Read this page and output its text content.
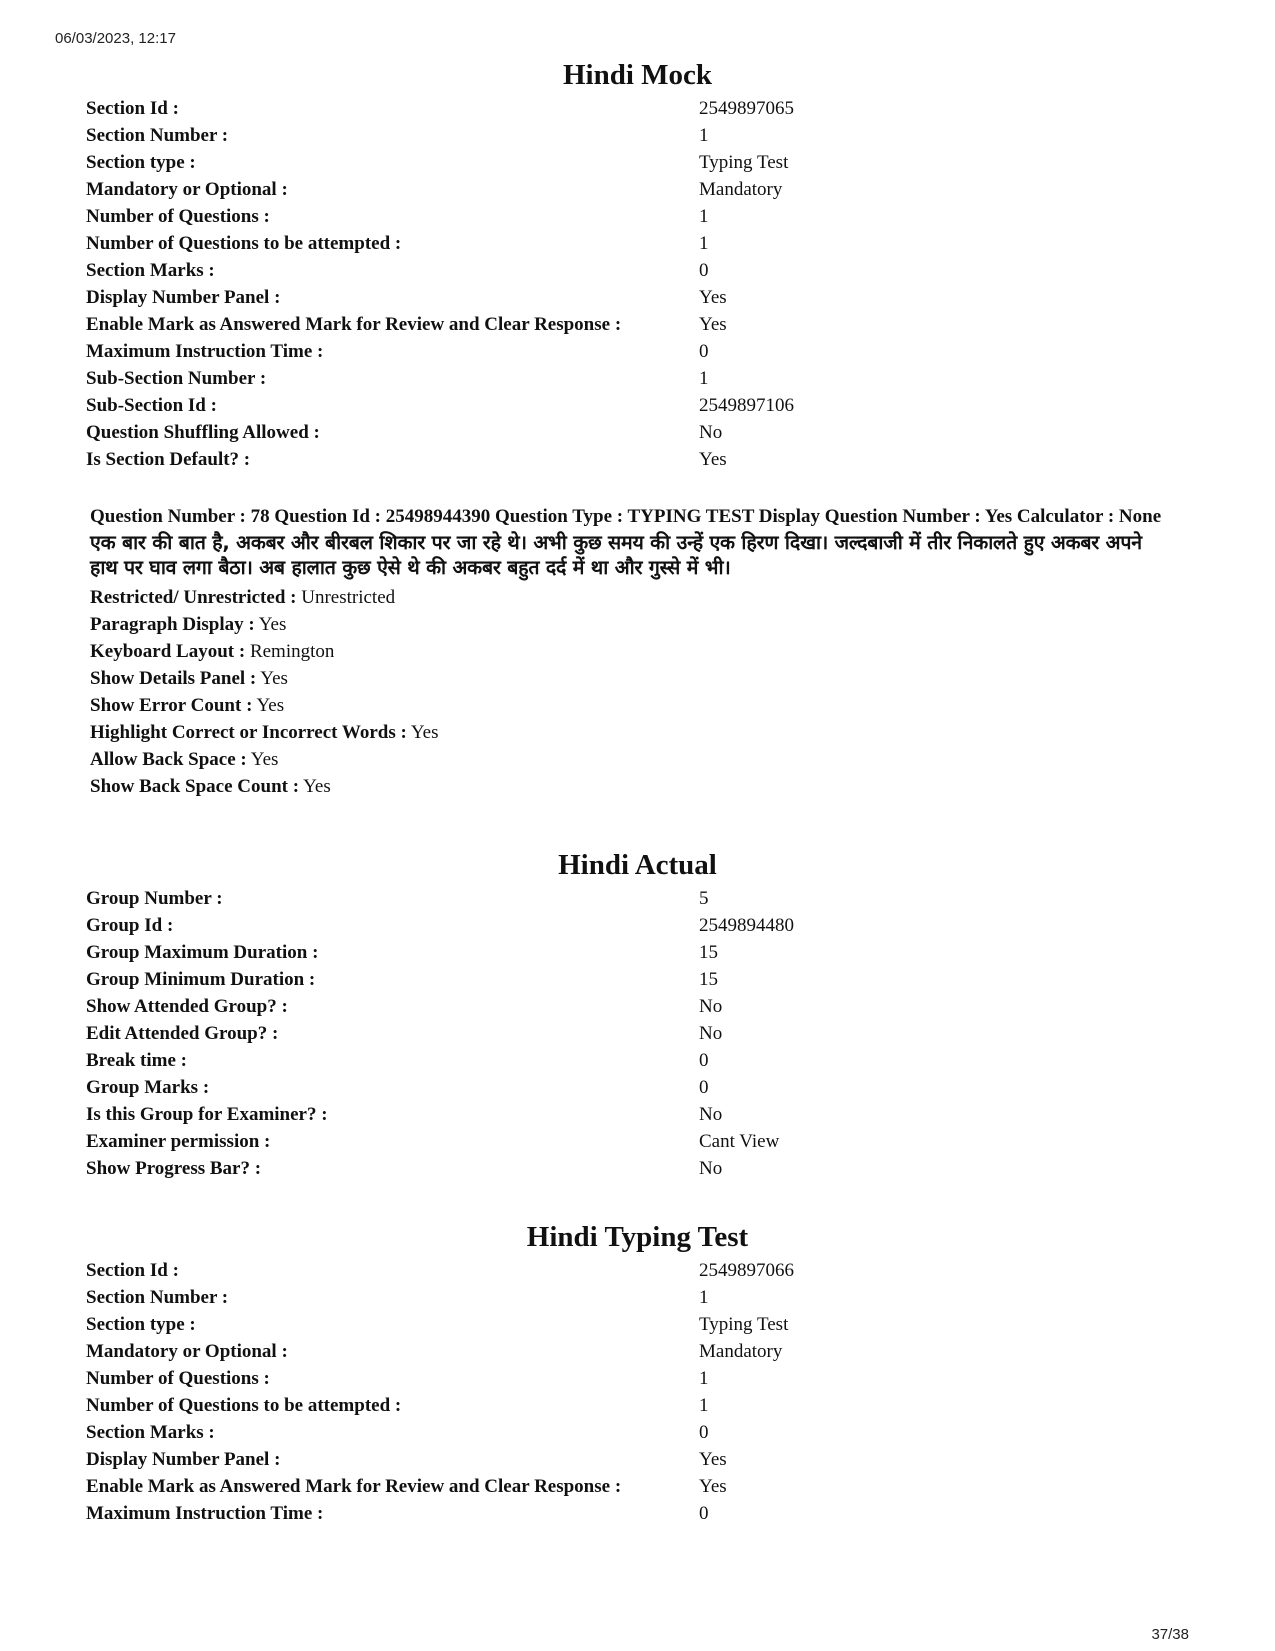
06/03/2023, 12:17
Hindi Mock
Section Id :	2549897065
Section Number :	1
Section type :	Typing Test
Mandatory or Optional :	Mandatory
Number of Questions :	1
Number of Questions to be attempted :	1
Section Marks :	0
Display Number Panel :	Yes
Enable Mark as Answered Mark for Review and Clear Response :	Yes
Maximum Instruction Time :	0
Sub-Section Number :	1
Sub-Section Id :	2549897106
Question Shuffling Allowed :	No
Is Section Default? :	Yes
Question Number : 78 Question Id : 25498944390 Question Type : TYPING TEST Display Question Number : Yes Calculator : None
एक बार की बात है, अकबर और बीरबल शिकार पर जा रहे थे। अभी कुछ समय की उन्हें एक हिरण दिखा। जल्दबाजी में तीर निकालते हुए अकबर अपने हाथ पर घाव लगा बैठा। अब हालात कुछ ऐसे थे की अकबर बहुत दर्द में था और गुस्से में भी।
Restricted/ Unrestricted : Unrestricted
Paragraph Display : Yes
Keyboard Layout : Remington
Show Details Panel : Yes
Show Error Count : Yes
Highlight Correct or Incorrect Words : Yes
Allow Back Space : Yes
Show Back Space Count : Yes
Hindi Actual
Group Number :	5
Group Id :	2549894480
Group Maximum Duration :	15
Group Minimum Duration :	15
Show Attended Group? :	No
Edit Attended Group? :	No
Break time :	0
Group Marks :	0
Is this Group for Examiner? :	No
Examiner permission :	Cant View
Show Progress Bar? :	No
Hindi Typing Test
Section Id :	2549897066
Section Number :	1
Section type :	Typing Test
Mandatory or Optional :	Mandatory
Number of Questions :	1
Number of Questions to be attempted :	1
Section Marks :	0
Display Number Panel :	Yes
Enable Mark as Answered Mark for Review and Clear Response :	Yes
Maximum Instruction Time :	0
37/38
